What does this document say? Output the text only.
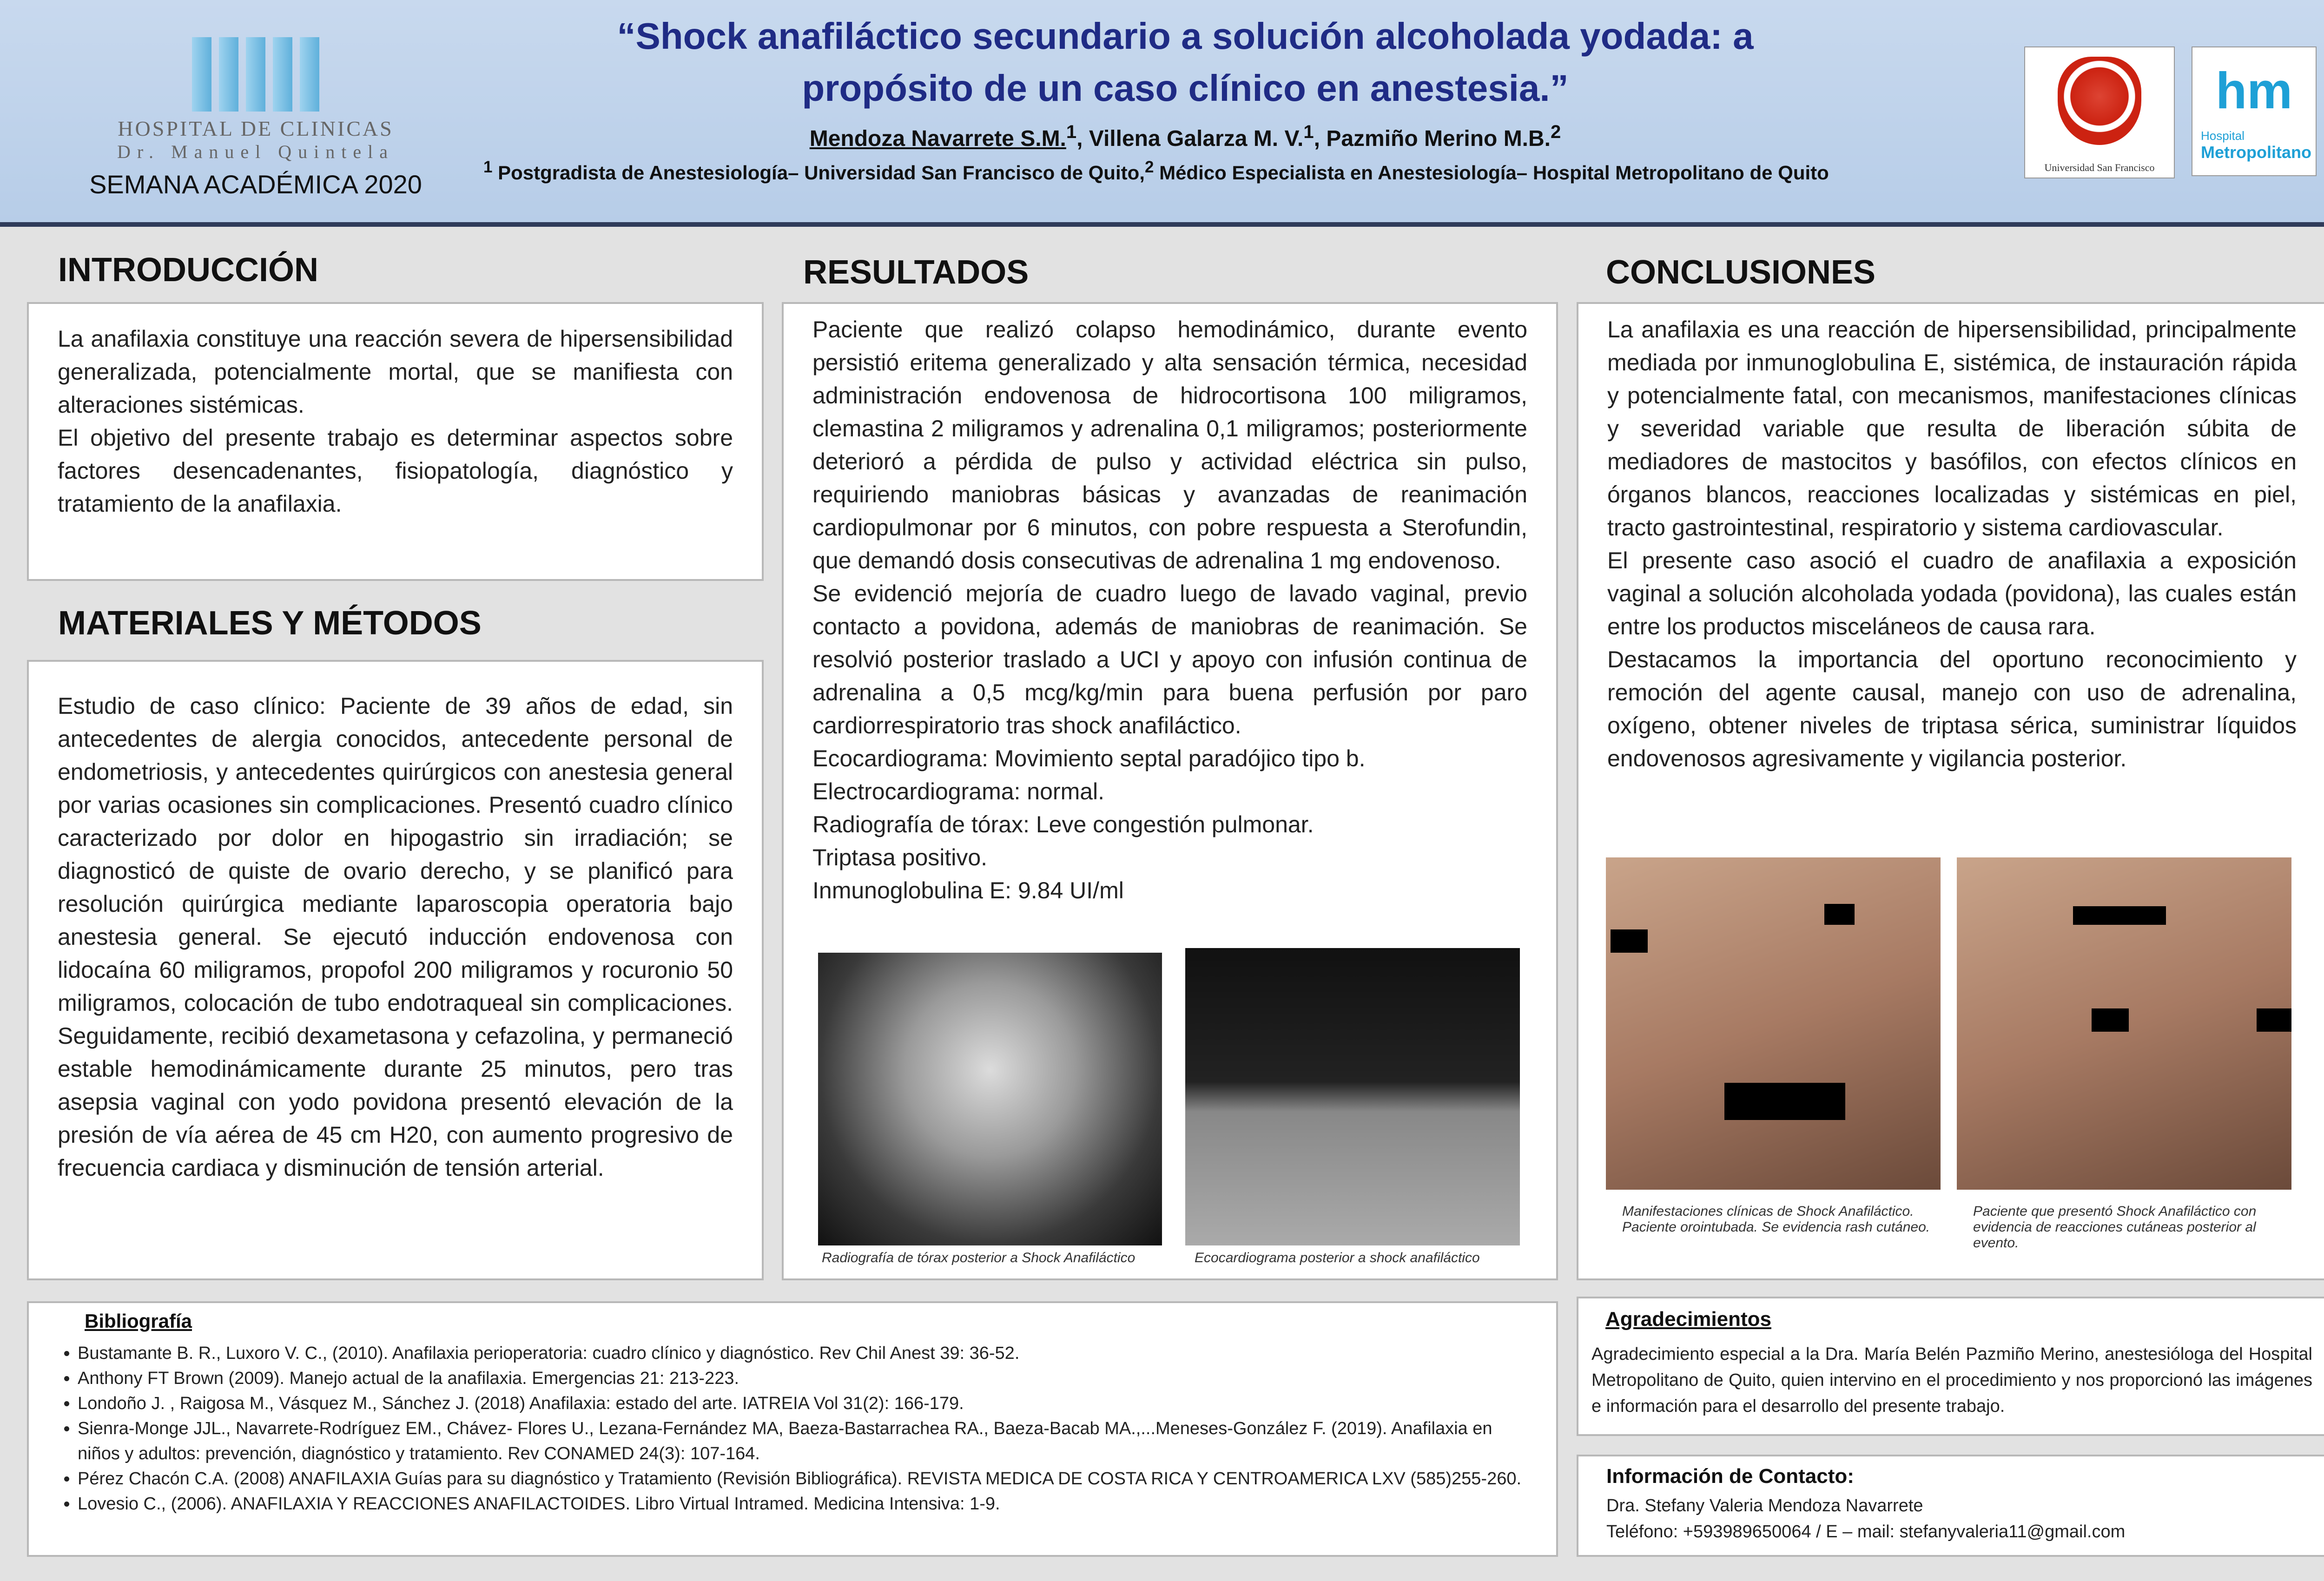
HOSPITAL DE CLINICAS
Dr. Manuel Quintela
SEMANA ACADÉMICA 2020
“Shock anafiláctico secundario a solución alcoholada yodada: a
propósito de un caso clínico en anestesia.”
Mendoza Navarrete S.M.$^1$, Villena Galarza M. V.$^1$, Pazmiño Merino M.B.$^2$
$^1$ Postgradista de Anestesiología– Universidad San Francisco de Quito,$^2$ Médico Especialista en Anestesiología– Hospital Metropolitano de Quito	Universidad San Francisco
hm
Hospital
Metropolitano
INTRODUCCIÓN

La anafilaxia constituye una reacción severa de hipersensibilidad generalizada, potencialmente mortal, que se manifiesta con alteraciones sistémicas.

El objetivo del presente trabajo es determinar aspectos sobre factores desencadenantes, fisiopatología, diagnóstico y tratamiento de la anafilaxia.

MATERIALES Y MÉTODOS

Estudio de caso clínico: Paciente de 39 años de edad, sin antecedentes de alergia conocidos, antecedente personal de endometriosis, y antecedentes quirúrgicos con anestesia general por varias ocasiones sin complicaciones. Presentó cuadro clínico caracterizado por dolor en hipogastrio sin irradiación; se diagnosticó de quiste de ovario derecho, y se planificó para resolución quirúrgica mediante laparoscopia operatoria bajo anestesia general. Se ejecutó inducción endovenosa con lidocaína 60 miligramos, propofol 200 miligramos y rocuronio 50 miligramos, colocación de tubo endotraqueal sin complicaciones. Seguidamente, recibió dexametasona y cefazolina, y permaneció estable hemodinámicamente durante 25 minutos, pero tras asepsia vaginal con yodo povidona presentó elevación de la presión de vía aérea de 45 cm H20, con aumento progresivo de frecuencia cardiaca y disminución de tensión arterial.

RESULTADOS

Paciente que realizó colapso hemodinámico, durante evento persistió eritema generalizado y alta sensación térmica, necesidad administración endovenosa de hidrocortisona 100 miligramos, clemastina 2 miligramos y adrenalina 0,1 miligramos; posteriormente deterioró a pérdida de pulso y actividad eléctrica sin pulso, requiriendo maniobras básicas y avanzadas de reanimación cardiopulmonar por 6 minutos, con pobre respuesta a Sterofundin, que demandó dosis consecutivas de adrenalina 1 mg endovenoso.

Se evidenció mejoría de cuadro luego de lavado vaginal, previo contacto a povidona, además de maniobras de reanimación. Se resolvió posterior traslado a UCI y apoyo con infusión continua de adrenalina a 0,5 mcg/kg/min para buena perfusión por paro cardiorrespiratorio tras shock anafiláctico.

Ecocardiograma: Movimiento septal paradójico tipo b.

Electrocardiograma: normal.

Radiografía de tórax: Leve congestión pulmonar.

Triptasa positivo.

Inmunoglobulina E: 9.84 UI/ml

Radiografía de tórax posterior a Shock Anafiláctico	Ecocardiograma posterior a shock anafiláctico
CONCLUSIONES

La anafilaxia es una reacción de hipersensibilidad, principalmente mediada por inmunoglobulina E, sistémica, de instauración rápida y potencialmente fatal, con mecanismos, manifestaciones clínicas y severidad variable que resulta de liberación súbita de mediadores de mastocitos y basófilos, con efectos clínicos en órganos blancos, reacciones localizadas y sistémicas en piel, tracto gastrointestinal, respiratorio y sistema cardiovascular.

El presente caso asoció el cuadro de anafilaxia a exposición vaginal a solución alcoholada yodada (povidona), las cuales están entre los productos misceláneos de causa rara.

Destacamos la importancia del oportuno reconocimiento y remoción del agente causal, manejo con uso de adrenalina, oxígeno, obtener niveles de triptasa sérica, suministrar líquidos endovenosos agresivamente y vigilancia posterior.

Manifestaciones clínicas de Shock Anafiláctico. Paciente orointubada. Se evidencia rash cutáneo.
Paciente que presentó Shock Anafiláctico con evidencia de reacciones cutáneas posterior al evento.
Bibliografía
• Bustamante B. R., Luxoro V. C., (2010). Anafilaxia perioperatoria: cuadro clínico y diagnóstico. Rev Chil Anest 39: 36-52.
• Anthony FT Brown (2009). Manejo actual de la anafilaxia. Emergencias 21: 213-223.
• Londoño J. , Raigosa M., Vásquez M., Sánchez J. (2018) Anafilaxia: estado del arte. IATREIA Vol 31(2): 166-179.
• Sienra-Monge JJL., Navarrete-Rodríguez EM., Chávez- Flores U., Lezana-Fernández MA, Baeza-Bastarrachea RA., Baeza-Bacab MA.,...Meneses-González F. (2019). Anafilaxia en niños y adultos: prevención, diagnóstico y tratamiento. Rev CONAMED 24(3): 107-164.
• Pérez Chacón C.A. (2008) ANAFILAXIA Guías para su diagnóstico y Tratamiento (Revisión Bibliográfica). REVISTA MEDICA DE COSTA RICA Y CENTROAMERICA LXV (585)255-260.
• Lovesio C., (2006). ANAFILAXIA Y REACCIONES ANAFILACTOIDES. Libro Virtual Intramed. Medicina Intensiva: 1-9.
Agradecimientos
Agradecimiento especial a la Dra. María Belén Pazmiño Merino, anestesióloga del Hospital Metropolitano de Quito, quien intervino en el procedimiento y nos proporcionó las imágenes e información para el desarrollo del presente trabajo.
Información de Contacto:
Dra. Stefany Valeria Mendoza Navarrete
Teléfono: +593989650064 / E – mail: stefanyvaleria11@gmail.com
